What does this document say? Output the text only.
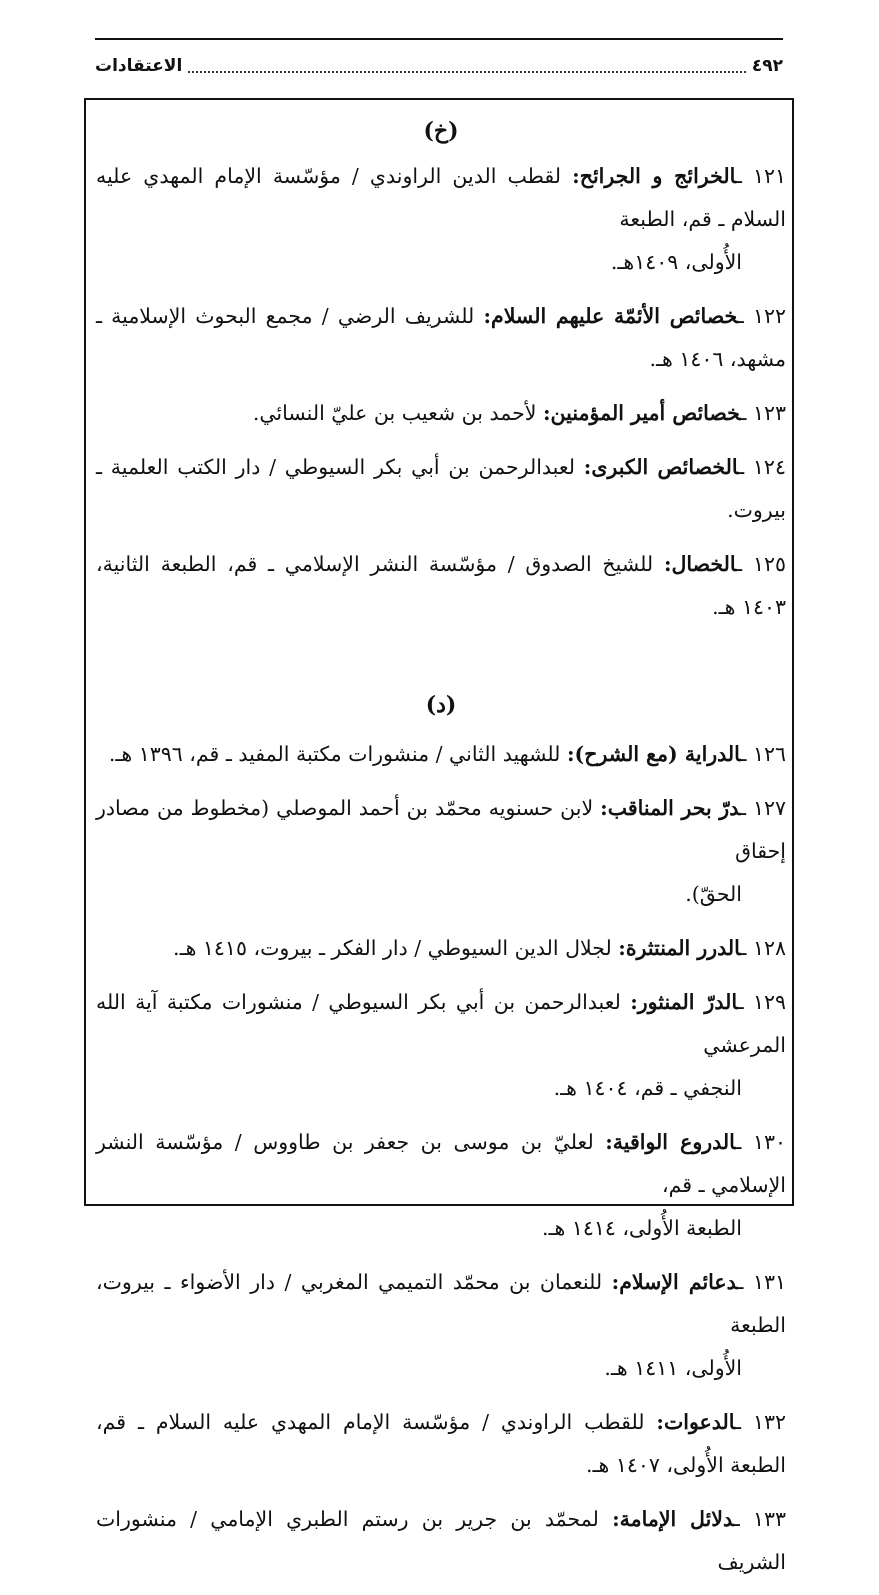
٤٩٢
الاعتقادات
(خ)

١٢١ ـالخرائج و الجرائح: لقطب الدين الراوندي / مؤسّسة الإمام المهدي عليه السلام ـ قم، الطبعة
الأُولى، ١٤٠٩هـ.

١٢٢ ـخصائص الأئمّة عليهم السلام: للشريف الرضي / مجمع البحوث الإسلامية ـ مشهد، ١٤٠٦ هـ.

١٢٣ ـخصائص أمير المؤمنين: لأحمد بن شعيب بن عليّ النسائي.

١٢٤ ـالخصائص الكبرى: لعبدالرحمن بن أبي بكر السيوطي / دار الكتب العلمية ـ بيروت.

١٢٥ ـالخصال: للشيخ الصدوق / مؤسّسة النشر الإسلامي ـ قم، الطبعة الثانية، ١٤٠٣ هـ.

(د)

١٢٦ ـالدراية (مع الشرح): للشهيد الثاني / منشورات مكتبة المفيد ـ قم، ١٣٩٦ هـ.

١٢٧ ـدرّ بحر المناقب: لابن حسنويه محمّد بن أحمد الموصلي (مخطوط من مصادر إحقاق
الحقّ).

١٢٨ ـالدرر المنتثرة: لجلال الدين السيوطي / دار الفكر ـ بيروت، ١٤١٥ هـ.

١٢٩ ـالدرّ المنثور: لعبدالرحمن بن أبي بكر السيوطي / منشورات مكتبة آية الله المرعشي
النجفي ـ قم، ١٤٠٤ هـ.

١٣٠ ـالدروع الواقية: لعليّ بن موسى بن جعفر بن طاووس / مؤسّسة النشر الإسلامي ـ قم،
الطبعة الأُولى، ١٤١٤ هـ.

١٣١ ـدعائم الإسلام: للنعمان بن محمّد التميمي المغربي / دار الأضواء ـ بيروت، الطبعة
الأُولى، ١٤١١ هـ.

١٣٢ ـالدعوات: للقطب الراوندي / مؤسّسة الإمام المهدي عليه السلام ـ قم، الطبعة الأُولى، ١٤٠٧ هـ.

١٣٣ ـدلائل الإمامة: لمحمّد بن جرير بن رستم الطبري الإمامي / منشورات الشريف
